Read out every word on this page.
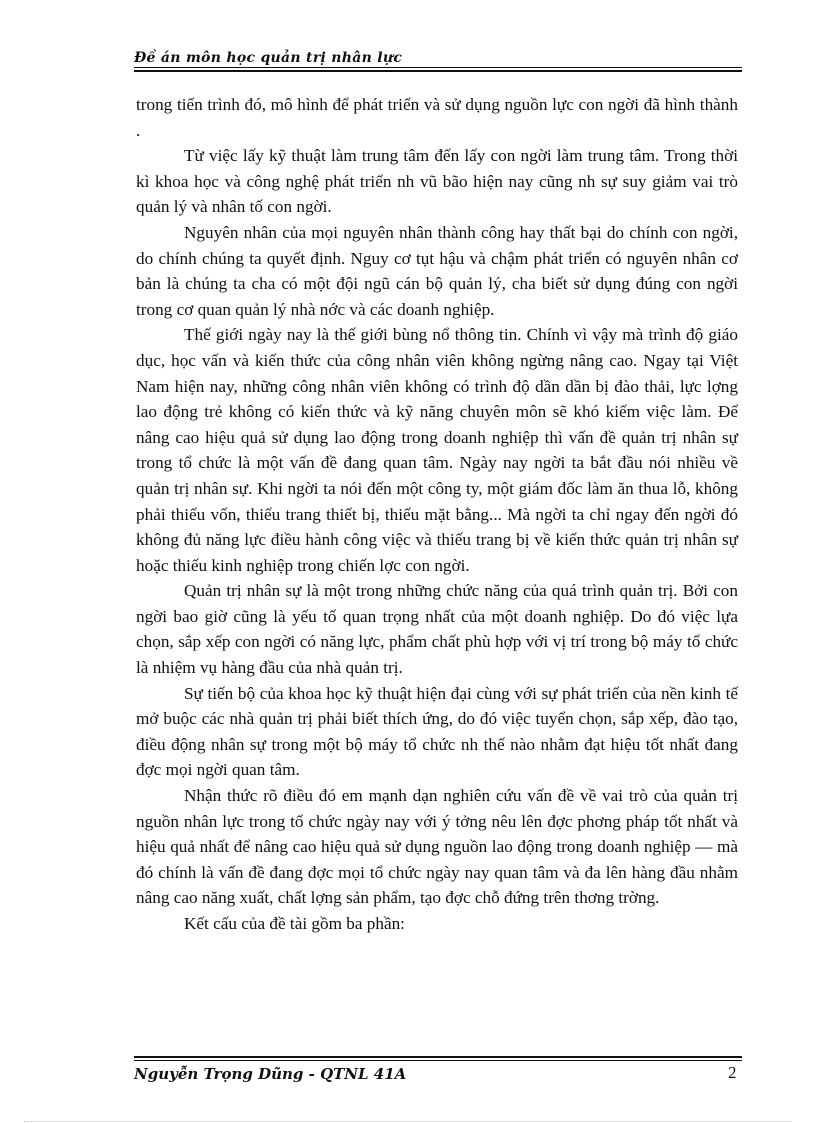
Đề án môn học quản trị nhân lực

trong tiến trình đó, mô hình để phát triển và sử dụng nguồn lực con ngời đã hình thành .

Từ việc lấy kỹ thuật làm trung tâm đến lấy con ngời làm trung tâm. Trong thời kì khoa học và công nghệ phát triển nh vũ bão hiện nay cũng nh sự suy giảm vai trò quản lý và nhân tố con ngời.

Nguyên nhân của mọi nguyên nhân thành công hay thất bại do chính con ngời, do chính chúng ta quyết định. Nguy cơ tụt hậu và chậm phát triển có nguyên nhân cơ bản là chúng ta cha có một đội ngũ cán bộ quản lý, cha biết sử dụng đúng con ngời trong cơ quan quản lý nhà nớc và các doanh nghiệp.

Thế giới ngày nay là thế giới bùng nổ thông tin. Chính vì vậy mà trình độ giáo dục, học vấn và kiến thức của công nhân viên không ngừng nâng cao. Ngay tại Việt Nam hiện nay, những công nhân viên không có trình độ dần dần bị đào thải, lực lợng lao động trẻ không có kiến thức và kỹ năng chuyên môn sẽ khó kiếm việc làm. Để nâng cao hiệu quả sử dụng lao động trong doanh nghiệp thì vấn đề quản trị nhân sự trong tổ chức là một vấn đề đang quan tâm. Ngày nay ngời ta bắt đầu nói nhiều về quản trị nhân sự. Khi ngời ta nói đến một công ty, một giám đốc làm ăn thua lỗ, không phải thiếu vốn, thiếu trang thiết bị, thiếu mặt bằng... Mà ngời ta chỉ ngay đến ngời đó không đủ năng lực điều hành công việc và thiếu trang bị về kiến thức quản trị nhân sự hoặc thiếu kinh nghiệp trong chiến lợc con ngời.

Quản trị nhân sự là một trong những chức năng của quá trình quản trị. Bởi con ngời bao giờ cũng là yếu tố quan trọng nhất của một doanh nghiệp. Do đó việc lựa chọn, sắp xếp con ngời có năng lực, phẩm chất phù hợp với vị trí trong bộ máy tổ chức là nhiệm vụ hàng đầu của nhà quản trị.

Sự tiến bộ của khoa học kỹ thuật hiện đại cùng với sự phát triển của nền kinh tế mở buộc các nhà quản trị phải biết thích ứng, do đó việc tuyển chọn, sắp xếp, đào tạo, điều động nhân sự trong một bộ máy tổ chức nh thế nào nhằm đạt hiệu tốt nhất đang đợc mọi ngời quan tâm.

Nhận thức rõ điều đó em mạnh dạn nghiên cứu vấn đề về vai trò của quản trị nguồn nhân lực trong tổ chức ngày nay với ý tởng nêu lên đợc phơng pháp tốt nhất và hiệu quả nhất để nâng cao hiệu quả sử dụng nguồn lao động trong doanh nghiệp — mà đó chính là vấn đề đang đợc mọi tổ chức ngày nay quan tâm và đa lên hàng đầu nhằm nâng cao năng xuất, chất lợng sản phẩm, tạo đợc chỗ đứng trên thơng trờng.

Kết cấu của đề tài gồm ba phần:

Nguyễn Trọng Dũng - QTNL 41A	2
